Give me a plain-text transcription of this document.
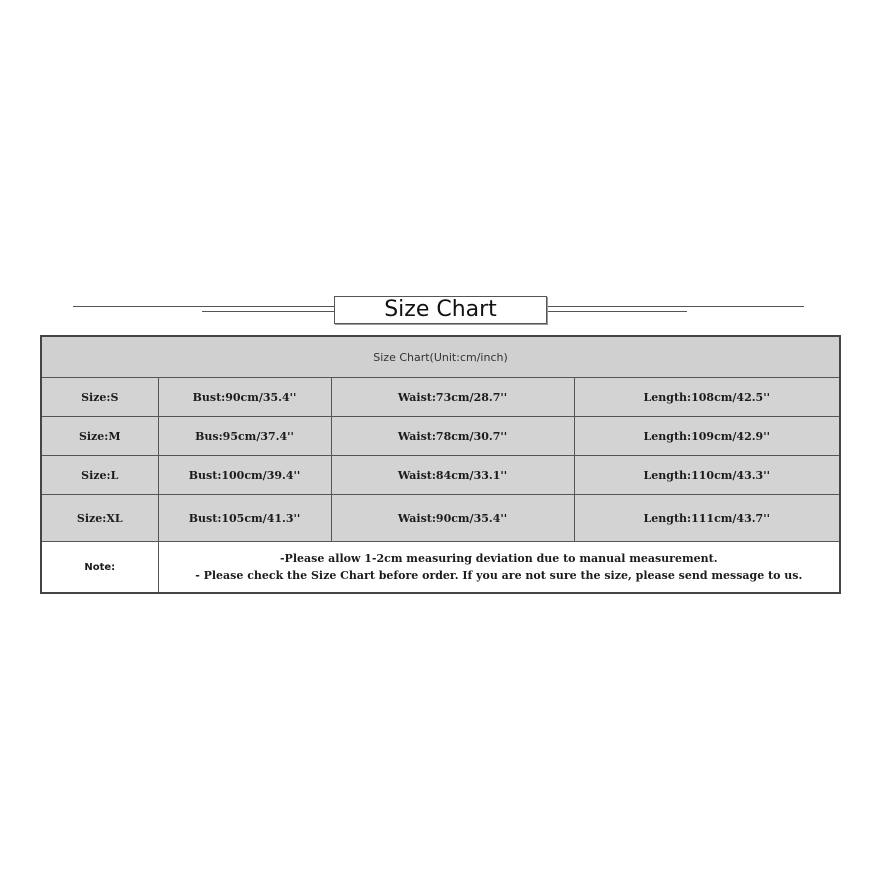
Size Chart
Size Chart(Unit:cm/inch)			
Size:S	Bust:90cm/35.4''	Waist:73cm/28.7''	Length:108cm/42.5''
Size:M	Bus:95cm/37.4''	Waist:78cm/30.7''	Length:109cm/42.9''
Size:L	Bust:100cm/39.4''	Waist:84cm/33.1''	Length:110cm/43.3''
Size:XL	Bust:105cm/41.3''	Waist:90cm/35.4''	Length:111cm/43.7''
Note:	-Please allow 1-2cm measuring deviation due to manual measurement.
- Please check the Size Chart before order. If you are not sure the size, please send message to us.		
